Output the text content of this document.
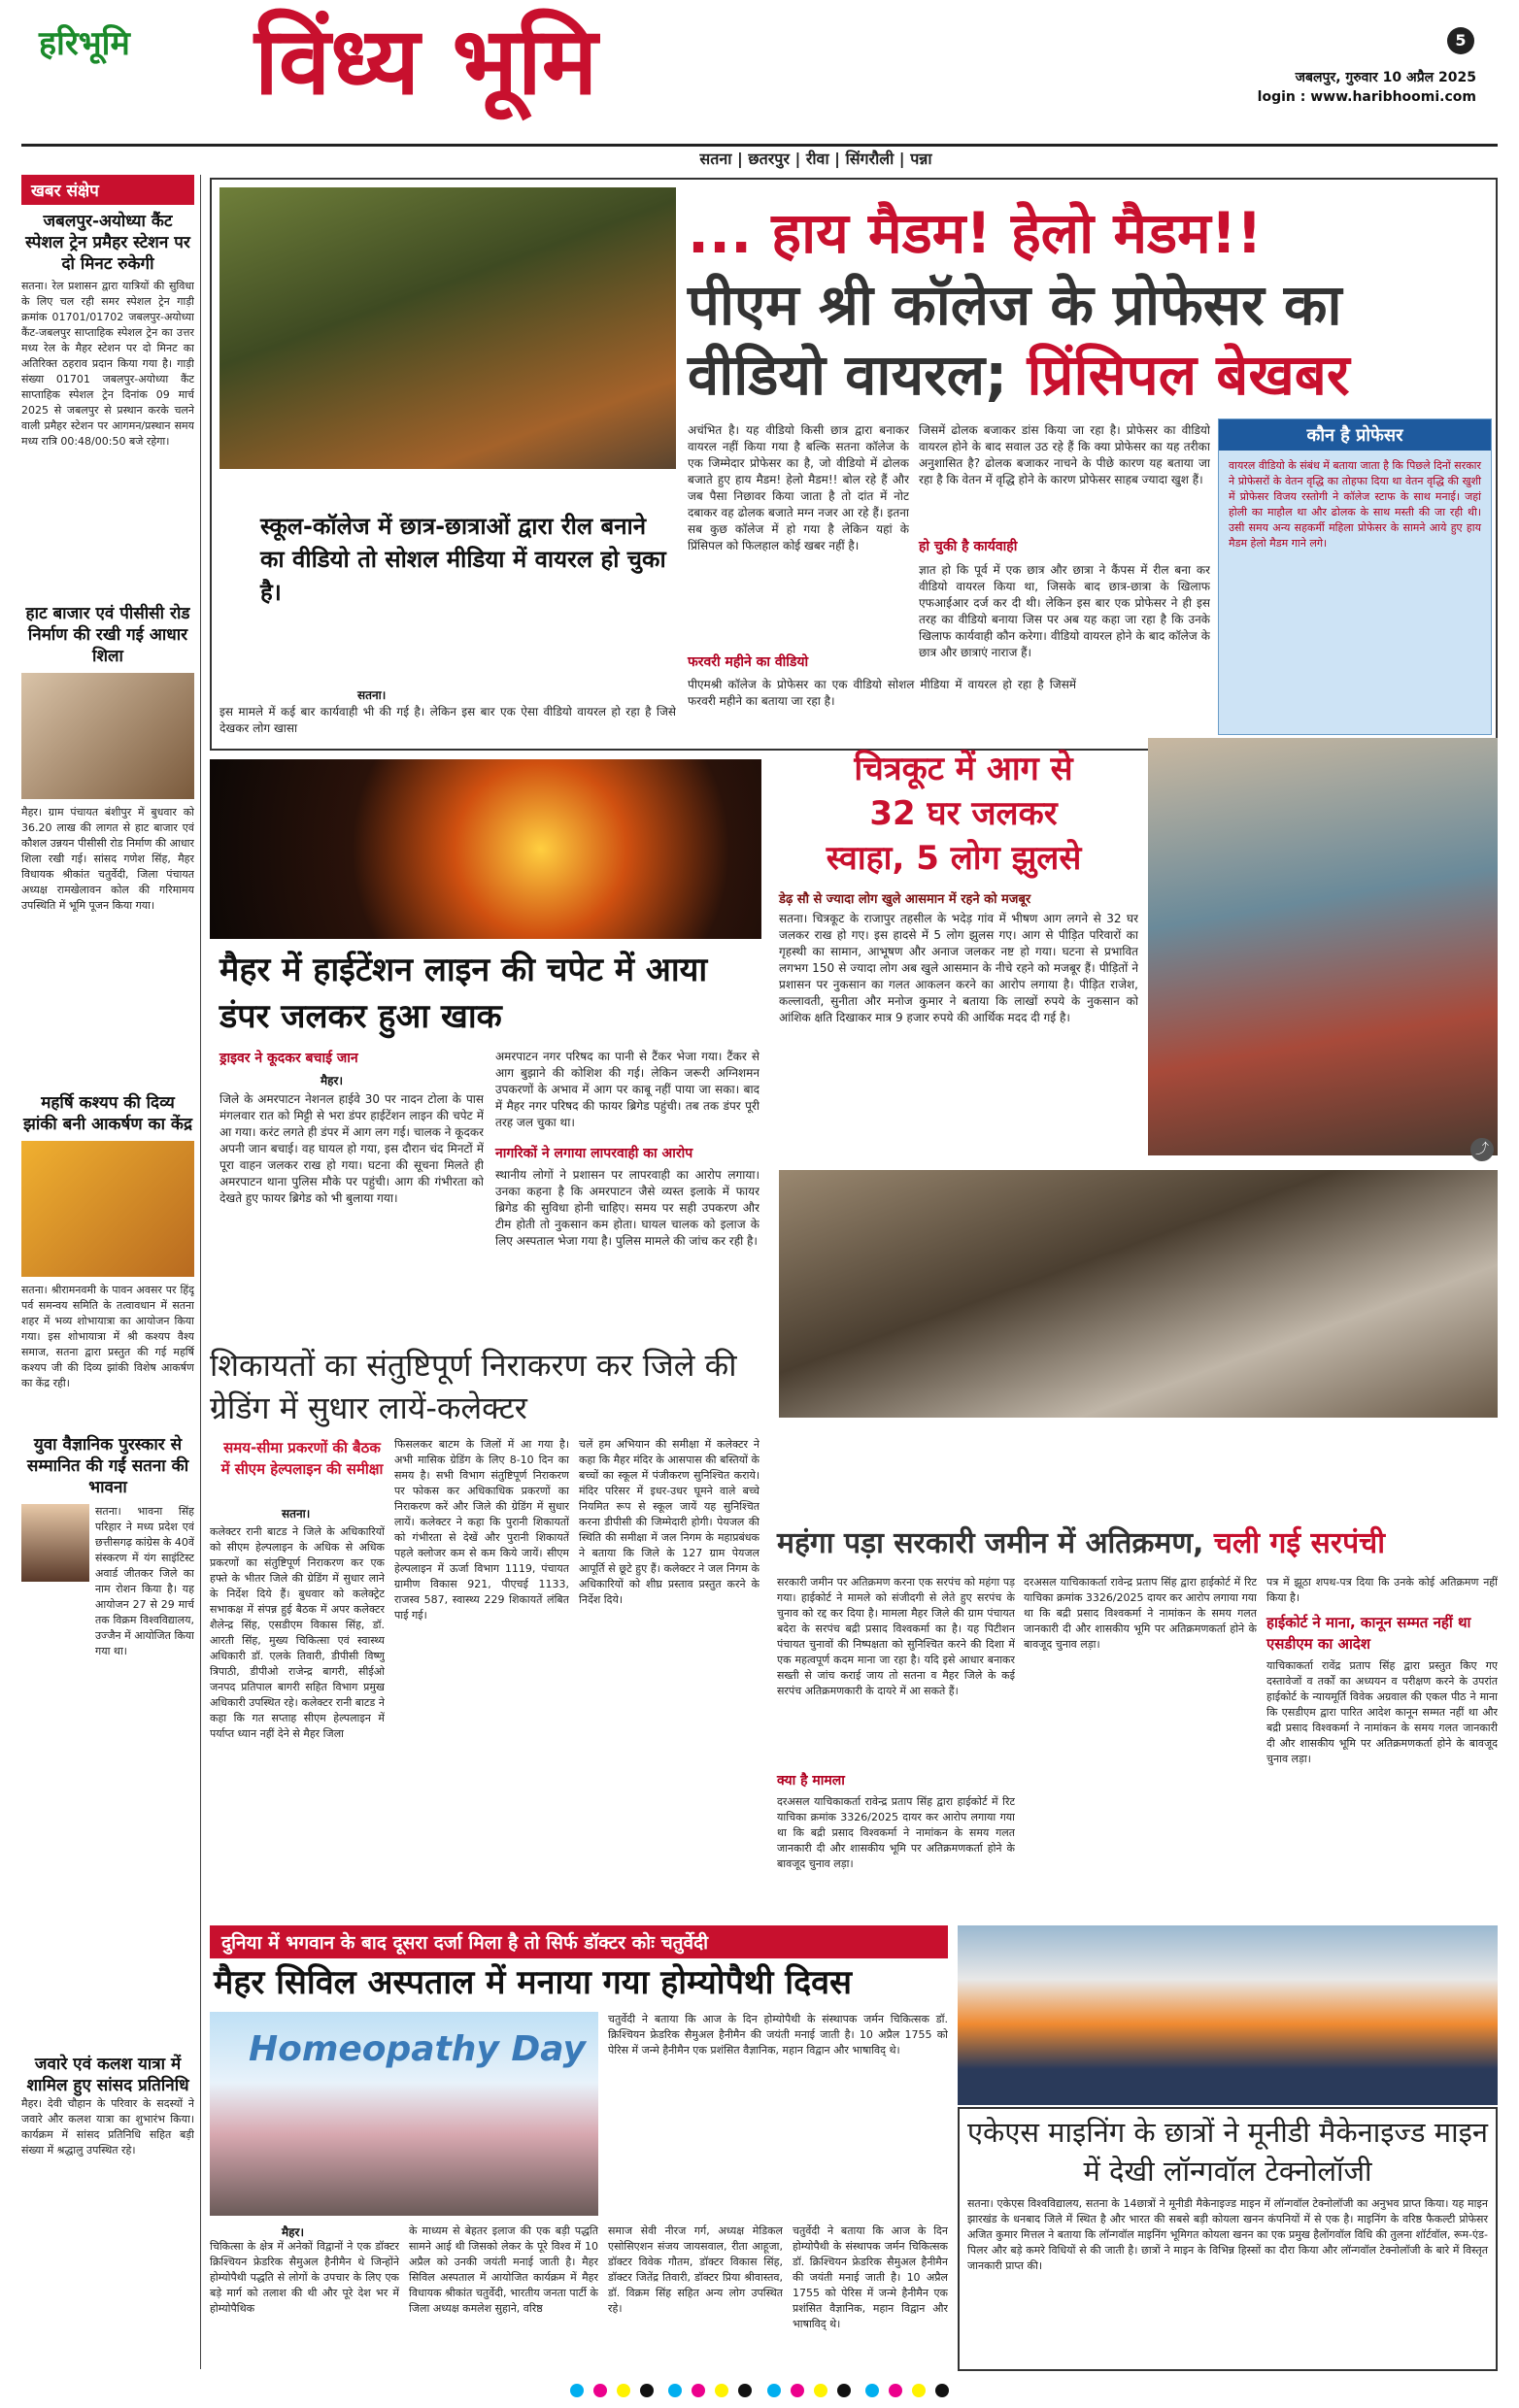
हरिभूमि विंध्य भूमि	5
जबलपुर, गुरुवार 10 अप्रैल 2025
login : www.haribhoomi.com
सतना | छतरपुर | रीवा | सिंगरौली | पन्ना
खबर संक्षेप
जबलपुर-अयोध्या कैंट स्पेशल ट्रेन प्रमैहर स्टेशन पर दो मिनट रुकेगी
सतना। रेल प्रशासन द्वारा यात्रियों की सुविधा के लिए चल रही समर स्पेशल ट्रेन गाड़ी क्रमांक 01701/01702 जबलपुर-अयोध्या कैंट-जबलपुर साप्ताहिक स्पेशल ट्रेन का उत्तर मध्य रेल के मैहर स्टेशन पर दो मिनट का अतिरिक्त ठहराव प्रदान किया गया है। गाड़ी संख्या 01701 जबलपुर-अयोध्या कैंट साप्ताहिक स्पेशल ट्रेन दिनांक 09 मार्च 2025 से जबलपुर से प्रस्थान करके चलने वाली प्रमैहर स्टेशन पर आगमन/प्रस्थान समय मध्य रात्रि 00:48/00:50 बजे रहेगा।
हाट बाजार एवं पीसीसी रोड निर्माण की रखी गई आधार शिला
मैहर। ग्राम पंचायत बंशीपुर में बुधवार को 36.20 लाख की लागत से हाट बाजार एवं कौशल उन्नयन पीसीसी रोड निर्माण की आधार शिला रखी गई। सांसद गणेश सिंह, मैहर विधायक श्रीकांत चतुर्वेदी, जिला पंचायत अध्यक्ष रामखेलावन कोल की गरिमामय उपस्थिति में भूमि पूजन किया गया।
महर्षि कश्यप की दिव्य झांकी बनी आकर्षण का केंद्र
सतना। श्रीरामनवमी के पावन अवसर पर हिंदू पर्व समन्वय समिति के तत्वावधान में सतना शहर में भव्य शोभायात्रा का आयोजन किया गया। इस शोभायात्रा में श्री कश्यप वैश्य समाज, सतना द्वारा प्रस्तुत की गई महर्षि कश्यप जी की दिव्य झांकी विशेष आकर्षण का केंद्र रही।
युवा वैज्ञानिक पुरस्कार से सम्मानित की गईं सतना की भावना
सतना। भावना सिंह परिहार ने मध्य प्रदेश एवं छत्तीसगढ़ कांग्रेस के 40वें संस्करण में यंग साइंटिस्ट अवार्ड जीतकर जिले का नाम रोशन किया है। यह आयोजन 27 से 29 मार्च तक विक्रम विश्वविद्यालय, उज्जैन में आयोजित किया गया था।
जवारे एवं कलश यात्रा में शामिल हुए सांसद प्रतिनिधि
मैहर। देवी चौहान के परिवार के सदस्यों ने जवारे और कलश यात्रा का शुभारंभ किया। कार्यक्रम में सांसद प्रतिनिधि सहित बड़ी संख्या में श्रद्धालु उपस्थित रहे।
स्कूल-कॉलेज में छात्र-छात्राओं द्वारा रील बनाने का वीडियो तो सोशल मीडिया में वायरल हो चुका है।
सतना।
इस मामले में कई बार कार्यवाही भी की गई है। लेकिन इस बार एक ऐसा वीडियो वायरल हो रहा है जिसे देखकर लोग खासा
... हाय मैडम! हेलो मैडम!!
पीएम श्री कॉलेज के प्रोफेसर का
वीडियो वायरल; प्रिंसिपल बेखबर
अचंभित है। यह वीडियो किसी छात्र द्वारा बनाकर वायरल नहीं किया गया है बल्कि सतना कॉलेज के एक जिम्मेदार प्रोफेसर का है, जो वीडियो में ढोलक बजाते हुए हाय मैडम! हेलो मैडम!! बोल रहे हैं और जब पैसा निछावर किया जाता है तो दांत में नोट दबाकर वह ढोलक बजाते मग्न नजर आ रहे हैं। इतना सब कुछ कॉलेज में हो गया है लेकिन यहां के प्रिंसिपल को फिलहाल कोई खबर नहीं है।
फरवरी महीने का वीडियो
पीएमश्री कॉलेज के प्रोफेसर का एक वीडियो सोशल मीडिया में वायरल हो रहा है जिसमें फरवरी महीने का बताया जा रहा है।
जिसमें ढोलक बजाकर डांस किया जा रहा है। प्रोफेसर का वीडियो वायरल होने के बाद सवाल उठ रहे हैं कि क्या प्रोफेसर का यह तरीका अनुशासित है? ढोलक बजाकर नाचने के पीछे कारण यह बताया जा रहा है कि वेतन में वृद्धि होने के कारण प्रोफेसर साहब ज्यादा खुश हैं।
हो चुकी है कार्यवाही
ज्ञात हो कि पूर्व में एक छात्र और छात्रा ने कैंपस में रील बना कर वीडियो वायरल किया था, जिसके बाद छात्र-छात्रा के खिलाफ एफआईआर दर्ज कर दी थी। लेकिन इस बार एक प्रोफेसर ने ही इस तरह का वीडियो बनाया जिस पर अब यह कहा जा रहा है कि उनके खिलाफ कार्यवाही कौन करेगा। वीडियो वायरल होने के बाद कॉलेज के छात्र और छात्राएं नाराज हैं।
कौन है प्रोफेसर
वायरल वीडियो के संबंध में बताया जाता है कि पिछले दिनों सरकार ने प्रोफेसरों के वेतन वृद्धि का तोहफा दिया था वेतन वृद्धि की खुशी में प्रोफेसर विजय रस्तोगी ने कॉलेज स्टाफ के साथ मनाई। जहां होली का माहौल था और ढोलक के साथ मस्ती की जा रही थी। उसी समय अन्य सहकर्मी महिला प्रोफेसर के सामने आये हुए हाय मैडम हेलो मैडम गाने लगे।
मैहर में हाईटेंशन लाइन की चपेट में आया डंपर जलकर हुआ खाक
ड्राइवर ने कूदकर बचाई जान
मैहर।
जिले के अमरपाटन नेशनल हाईवे 30 पर नादन टोला के पास मंगलवार रात को मिट्टी से भरा डंपर हाईटेंशन लाइन की चपेट में आ गया। करंट लगते ही डंपर में आग लग गई। चालक ने कूदकर अपनी जान बचाई। वह घायल हो गया, इस दौरान चंद मिनटों में पूरा वाहन जलकर राख हो गया। घटना की सूचना मिलते ही अमरपाटन थाना पुलिस मौके पर पहुंची। आग की गंभीरता को देखते हुए फायर ब्रिगेड को भी बुलाया गया।
अमरपाटन नगर परिषद का पानी से टैंकर भेजा गया। टैंकर से आग बुझाने की कोशिश की गई। लेकिन जरूरी अग्निशमन उपकरणों के अभाव में आग पर काबू नहीं पाया जा सका। बाद में मैहर नगर परिषद की फायर ब्रिगेड पहुंची। तब तक डंपर पूरी तरह जल चुका था।
नागरिकों ने लगाया लापरवाही का आरोप
स्थानीय लोगों ने प्रशासन पर लापरवाही का आरोप लगाया। उनका कहना है कि अमरपाटन जैसे व्यस्त इलाके में फायर ब्रिगेड की सुविधा होनी चाहिए। समय पर सही उपकरण और टीम होती तो नुकसान कम होता। घायल चालक को इलाज के लिए अस्पताल भेजा गया है। पुलिस मामले की जांच कर रही है।
चित्रकूट में आग से
32 घर जलकर
स्वाहा, 5 लोग झुलसे
डेढ़ सौ से ज्यादा लोग खुले आसमान में रहने को मजबूर
सतना। चित्रकूट के राजापुर तहसील के भदेड़ गांव में भीषण आग लगने से 32 घर जलकर राख हो गए। इस हादसे में 5 लोग झुलस गए। आग से पीड़ित परिवारों का गृहस्थी का सामान, आभूषण और अनाज जलकर नष्ट हो गया। घटना से प्रभावित लगभग 150 से ज्यादा लोग अब खुले आसमान के नीचे रहने को मजबूर हैं। पीड़ितों ने प्रशासन पर नुकसान का गलत आकलन करने का आरोप लगाया है। पीड़ित राजेश, कल्लावती, सुनीता और मनोज कुमार ने बताया कि लाखों रुपये के नुकसान को आंशिक क्षति दिखाकर मात्र 9 हजार रुपये की आर्थिक मदद दी गई है।
⤴
शिकायतों का संतुष्टिपूर्ण निराकरण कर जिले की ग्रेडिंग में सुधार लायें-कलेक्टर
समय-सीमा प्रकरणों की बैठक में सीएम हेल्पलाइन की समीक्षा
सतना।
कलेक्टर रानी बाटड ने जिले के अधिकारियों को सीएम हेल्पलाइन के अधिक से अधिक प्रकरणों का संतुष्टिपूर्ण निराकरण कर एक हफ्ते के भीतर जिले की ग्रेडिंग में सुधार लाने के निर्देश दिये हैं। बुधवार को कलेक्ट्रेट सभाकक्ष में संपन्न हुई बैठक में अपर कलेक्टर शैलेन्द्र सिंह, एसडीएम विकास सिंह, डॉ. आरती सिंह, मुख्य चिकित्सा एवं स्वास्थ्य अधिकारी डॉ. एलके तिवारी, डीपीसी विष्णु त्रिपाठी, डीपीओ राजेन्द्र बागरी, सीईओ जनपद प्रतिपाल बागरी सहित विभाग प्रमुख अधिकारी उपस्थित रहे। कलेक्टर रानी बाटड ने कहा कि गत सप्ताह सीएम हेल्पलाइन में पर्याप्त ध्यान नहीं देने से मैहर जिला
फिसलकर बाटम के जिलों में आ गया है। अभी मासिक ग्रेडिंग के लिए 8-10 दिन का समय है। सभी विभाग संतुष्टिपूर्ण निराकरण पर फोकस कर अधिकाधिक प्रकरणों का निराकरण करें और जिले की ग्रेडिंग में सुधार लायें। कलेक्टर ने कहा कि पुरानी शिकायतों को गंभीरता से देखें और पुरानी शिकायतें पहले क्लोजर कम से कम किये जायें। सीएम हेल्पलाइन में ऊर्जा विभाग 1119, पंचायत ग्रामीण विकास 921, पीएचई 1133, राजस्व 587, स्वास्थ्य 229 शिकायतें लंबित पाई गई।
चलें हम अभियान की समीक्षा में कलेक्टर ने कहा कि मैहर मंदिर के आसपास की बस्तियों के बच्चों का स्कूल में पंजीकरण सुनिश्चित कराये। मंदिर परिसर में इधर-उधर घूमने वाले बच्चे नियमित रूप से स्कूल जायें यह सुनिश्चित करना डीपीसी की जिम्मेदारी होगी। पेयजल की स्थिति की समीक्षा में जल निगम के महाप्रबंधक ने बताया कि जिले के 127 ग्राम पेयजल आपूर्ति से छूटे हुए हैं। कलेक्टर ने जल निगम के अधिकारियों को शीघ्र प्रस्ताव प्रस्तुत करने के निर्देश दिये।
महंगा पड़ा सरकारी जमीन में अतिक्रमण, चली गई सरपंची
सरकारी जमीन पर अतिक्रमण करना एक सरपंच को महंगा पड़ गया। हाईकोर्ट ने मामले को संजीदगी से लेते हुए सरपंच के चुनाव को रद्द कर दिया है। मामला मैहर जिले की ग्राम पंचायत बदेरा के सरपंच बद्री प्रसाद विश्वकर्मा का है। यह पिटीशन पंचायत चुनावों की निष्पक्षता को सुनिश्चित करने की दिशा में एक महत्वपूर्ण कदम माना जा रहा है। यदि इसे आधार बनाकर सख्ती से जांच कराई जाय तो सतना व मैहर जिले के कई सरपंच अतिक्रमणकारी के दायरे में आ सकते हैं।
क्या है मामला
दरअसल याचिकाकर्ता रावेन्द्र प्रताप सिंह द्वारा हाईकोर्ट में रिट याचिका क्रमांक 3326/2025 दायर कर आरोप लगाया गया था कि बद्री प्रसाद विश्वकर्मा ने नामांकन के समय गलत जानकारी दी और शासकीय भूमि पर अतिक्रमणकर्ता होने के बावजूद चुनाव लड़ा।
दरअसल याचिकाकर्ता रावेन्द्र प्रताप सिंह द्वारा हाईकोर्ट में रिट याचिका क्रमांक 3326/2025 दायर कर आरोप लगाया गया था कि बद्री प्रसाद विश्वकर्मा ने नामांकन के समय गलत जानकारी दी और शासकीय भूमि पर अतिक्रमणकर्ता होने के बावजूद चुनाव लड़ा।
पत्र में झूठा शपथ-पत्र दिया कि उनके कोई अतिक्रमण नहीं किया है।
हाईकोर्ट ने माना, कानून सम्मत नहीं था एसडीएम का आदेश
याचिकाकर्ता रावेंद्र प्रताप सिंह द्वारा प्रस्तुत किए गए दस्तावेजों व तर्कों का अध्ययन व परीक्षण करने के उपरांत हाईकोर्ट के न्यायमूर्ति विवेक अग्रवाल की एकल पीठ ने माना कि एसडीएम द्वारा पारित आदेश कानून सम्मत नहीं था और बद्री प्रसाद विश्वकर्मा ने नामांकन के समय गलत जानकारी दी और शासकीय भूमि पर अतिक्रमणकर्ता होने के बावजूद चुनाव लड़ा।
दुनिया में भगवान के बाद दूसरा दर्जा मिला है तो सिर्फ डॉक्टर कोः चतुर्वेदी
मैहर सिविल अस्पताल में मनाया गया होम्योपैथी दिवस
Homeopathy Day
मैहर।
चिकित्सा के क्षेत्र में अनेकों विद्वानों ने एक डॉक्टर क्रिश्चियन फ्रेडरिक सैमुअल हैनीमैन थे जिन्होंने होम्योपैथी पद्धति से लोगों के उपचार के लिए एक बड़े मार्ग को तलाश की थी और पूरे देश भर में होम्योपैथिक
के माध्यम से बेहतर इलाज की एक बड़ी पद्धति सामने आई थी जिसको लेकर के पूरे विश्व में 10 अप्रैल को उनकी जयंती मनाई जाती है। मैहर सिविल अस्पताल में आयोजित कार्यक्रम में मैहर विधायक श्रीकांत चतुर्वेदी, भारतीय जनता पार्टी के जिला अध्यक्ष कमलेश सुहाने, वरिष्ठ
समाज सेवी नीरज गर्ग, अध्यक्ष मेडिकल एसोसिएशन संजय जायसवाल, रीता आहूजा, डॉक्टर विवेक गौतम, डॉक्टर विकास सिंह, डॉक्टर जितेंद्र तिवारी, डॉक्टर प्रिया श्रीवास्तव, डॉ. विक्रम सिंह सहित अन्य लोग उपस्थित रहे।
चतुर्वेदी ने बताया कि आज के दिन होम्योपैथी के संस्थापक जर्मन चिकित्सक डॉ. क्रिश्चियन फ्रेडरिक सैमुअल हैनीमैन की जयंती मनाई जाती है। 10 अप्रैल 1755 को पेरिस में जन्मे हैनीमैन एक प्रशंसित वैज्ञानिक, महान विद्वान और भाषाविद् थे।
चतुर्वेदी ने बताया कि आज के दिन होम्योपैथी के संस्थापक जर्मन चिकित्सक डॉ. क्रिश्चियन फ्रेडरिक सैमुअल हैनीमैन की जयंती मनाई जाती है। 10 अप्रैल 1755 को पेरिस में जन्मे हैनीमैन एक प्रशंसित वैज्ञानिक, महान विद्वान और भाषाविद् थे।
एकेएस माइनिंग के छात्रों ने मूनीडी मैकेनाइज्ड माइन में देखी लॉन्गवॉल टेक्नोलॉजी
सतना। एकेएस विश्वविद्यालय, सतना के 14छात्रों ने मूनीडी मैकेनाइज्ड माइन में लॉन्गवॉल टेक्नोलॉजी का अनुभव प्राप्त किया। यह माइन झारखंड के धनबाद जिले में स्थित है और भारत की सबसे बड़ी कोयला खनन कंपनियों में से एक है। माइनिंग के वरिष्ठ फैकल्टी प्रोफेसर अजित कुमार मित्तल ने बताया कि लॉन्गवॉल माइनिंग भूमिगत कोयला खनन का एक प्रमुख हैलोंगवॉल विधि की तुलना शॉर्टवॉल, रूम-एंड-पिलर और बड़े कमरे विधियों से की जाती है। छात्रों ने माइन के विभिन्न हिस्सों का दौरा किया और लॉन्गवॉल टेक्नोलॉजी के बारे में विस्तृत जानकारी प्राप्त की।
